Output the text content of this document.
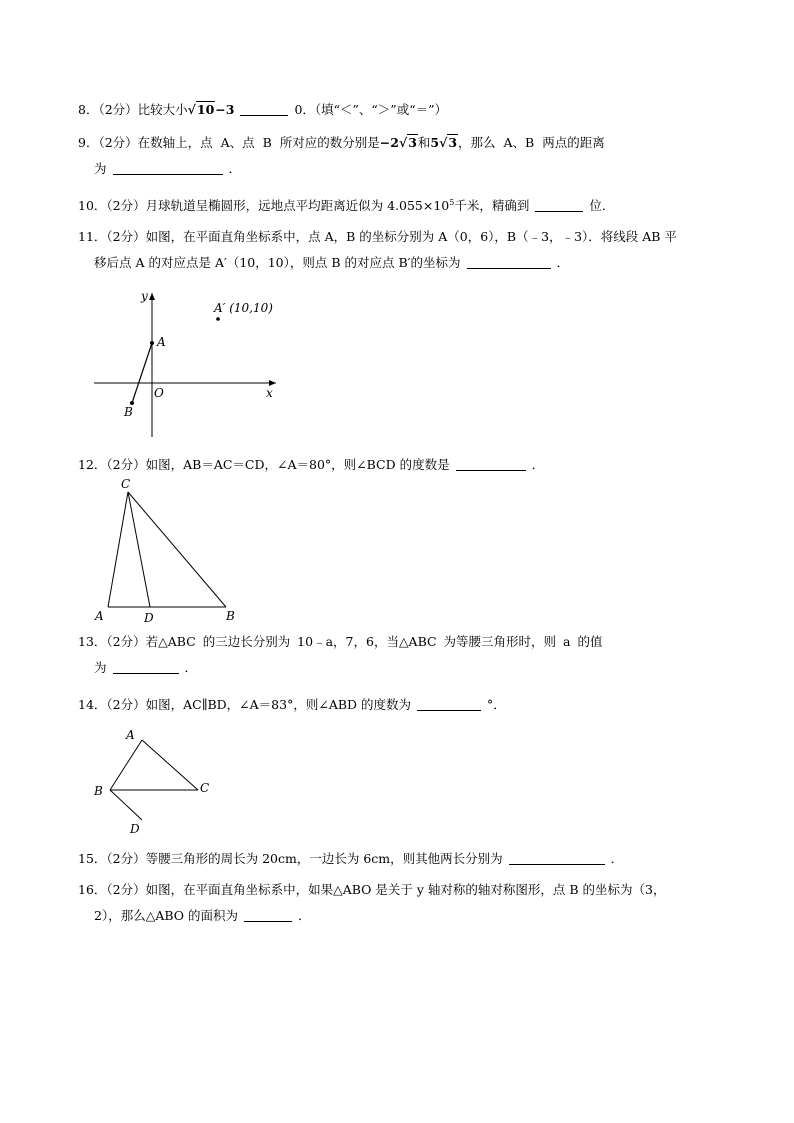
8．（2分）比较大小√10−3	0．（填“＜”、“＞”或“＝”）
9．（2分）在数轴上，点 A、点 B 所对应的数分别是−2√3和5√3，那么 A、B 两点的距离
为	．
10．（2分）月球轨道呈椭圆形，远地点平均距离近似为 $4.055\times 10^5$千米，精确到	位．
11．（2分）如图，在平面直角坐标系中，点 A，B 的坐标分别为 A（0，6），B（﹣3，﹣3）．将线段 AB 平
移后点 A 的对应点是 A′（10，10），则点 B 的对应点 B′的坐标为	．
y
x
O
A
B
A′ (10,10)
12．（2分）如图，AB＝AC＝CD，∠A＝80°，则∠BCD 的度数是	．
C
A	D	B
13．（2分）若△ABC 的三边长分别为 10﹣a，7，6，当△ABC 为等腰三角形时，则 a 的值
为	．
14．（2分）如图，AC∥BD，∠A＝83°，则∠ABD 的度数为	°．
A
B	C
D
15．（2分）等腰三角形的周长为 20cm，一边长为 6cm，则其他两长分别为	．
16．（2分）如图，在平面直角坐标系中，如果△ABO 是关于 y 轴对称的轴对称图形，点 B 的坐标为（3，
2），那么△ABO 的面积为	．
